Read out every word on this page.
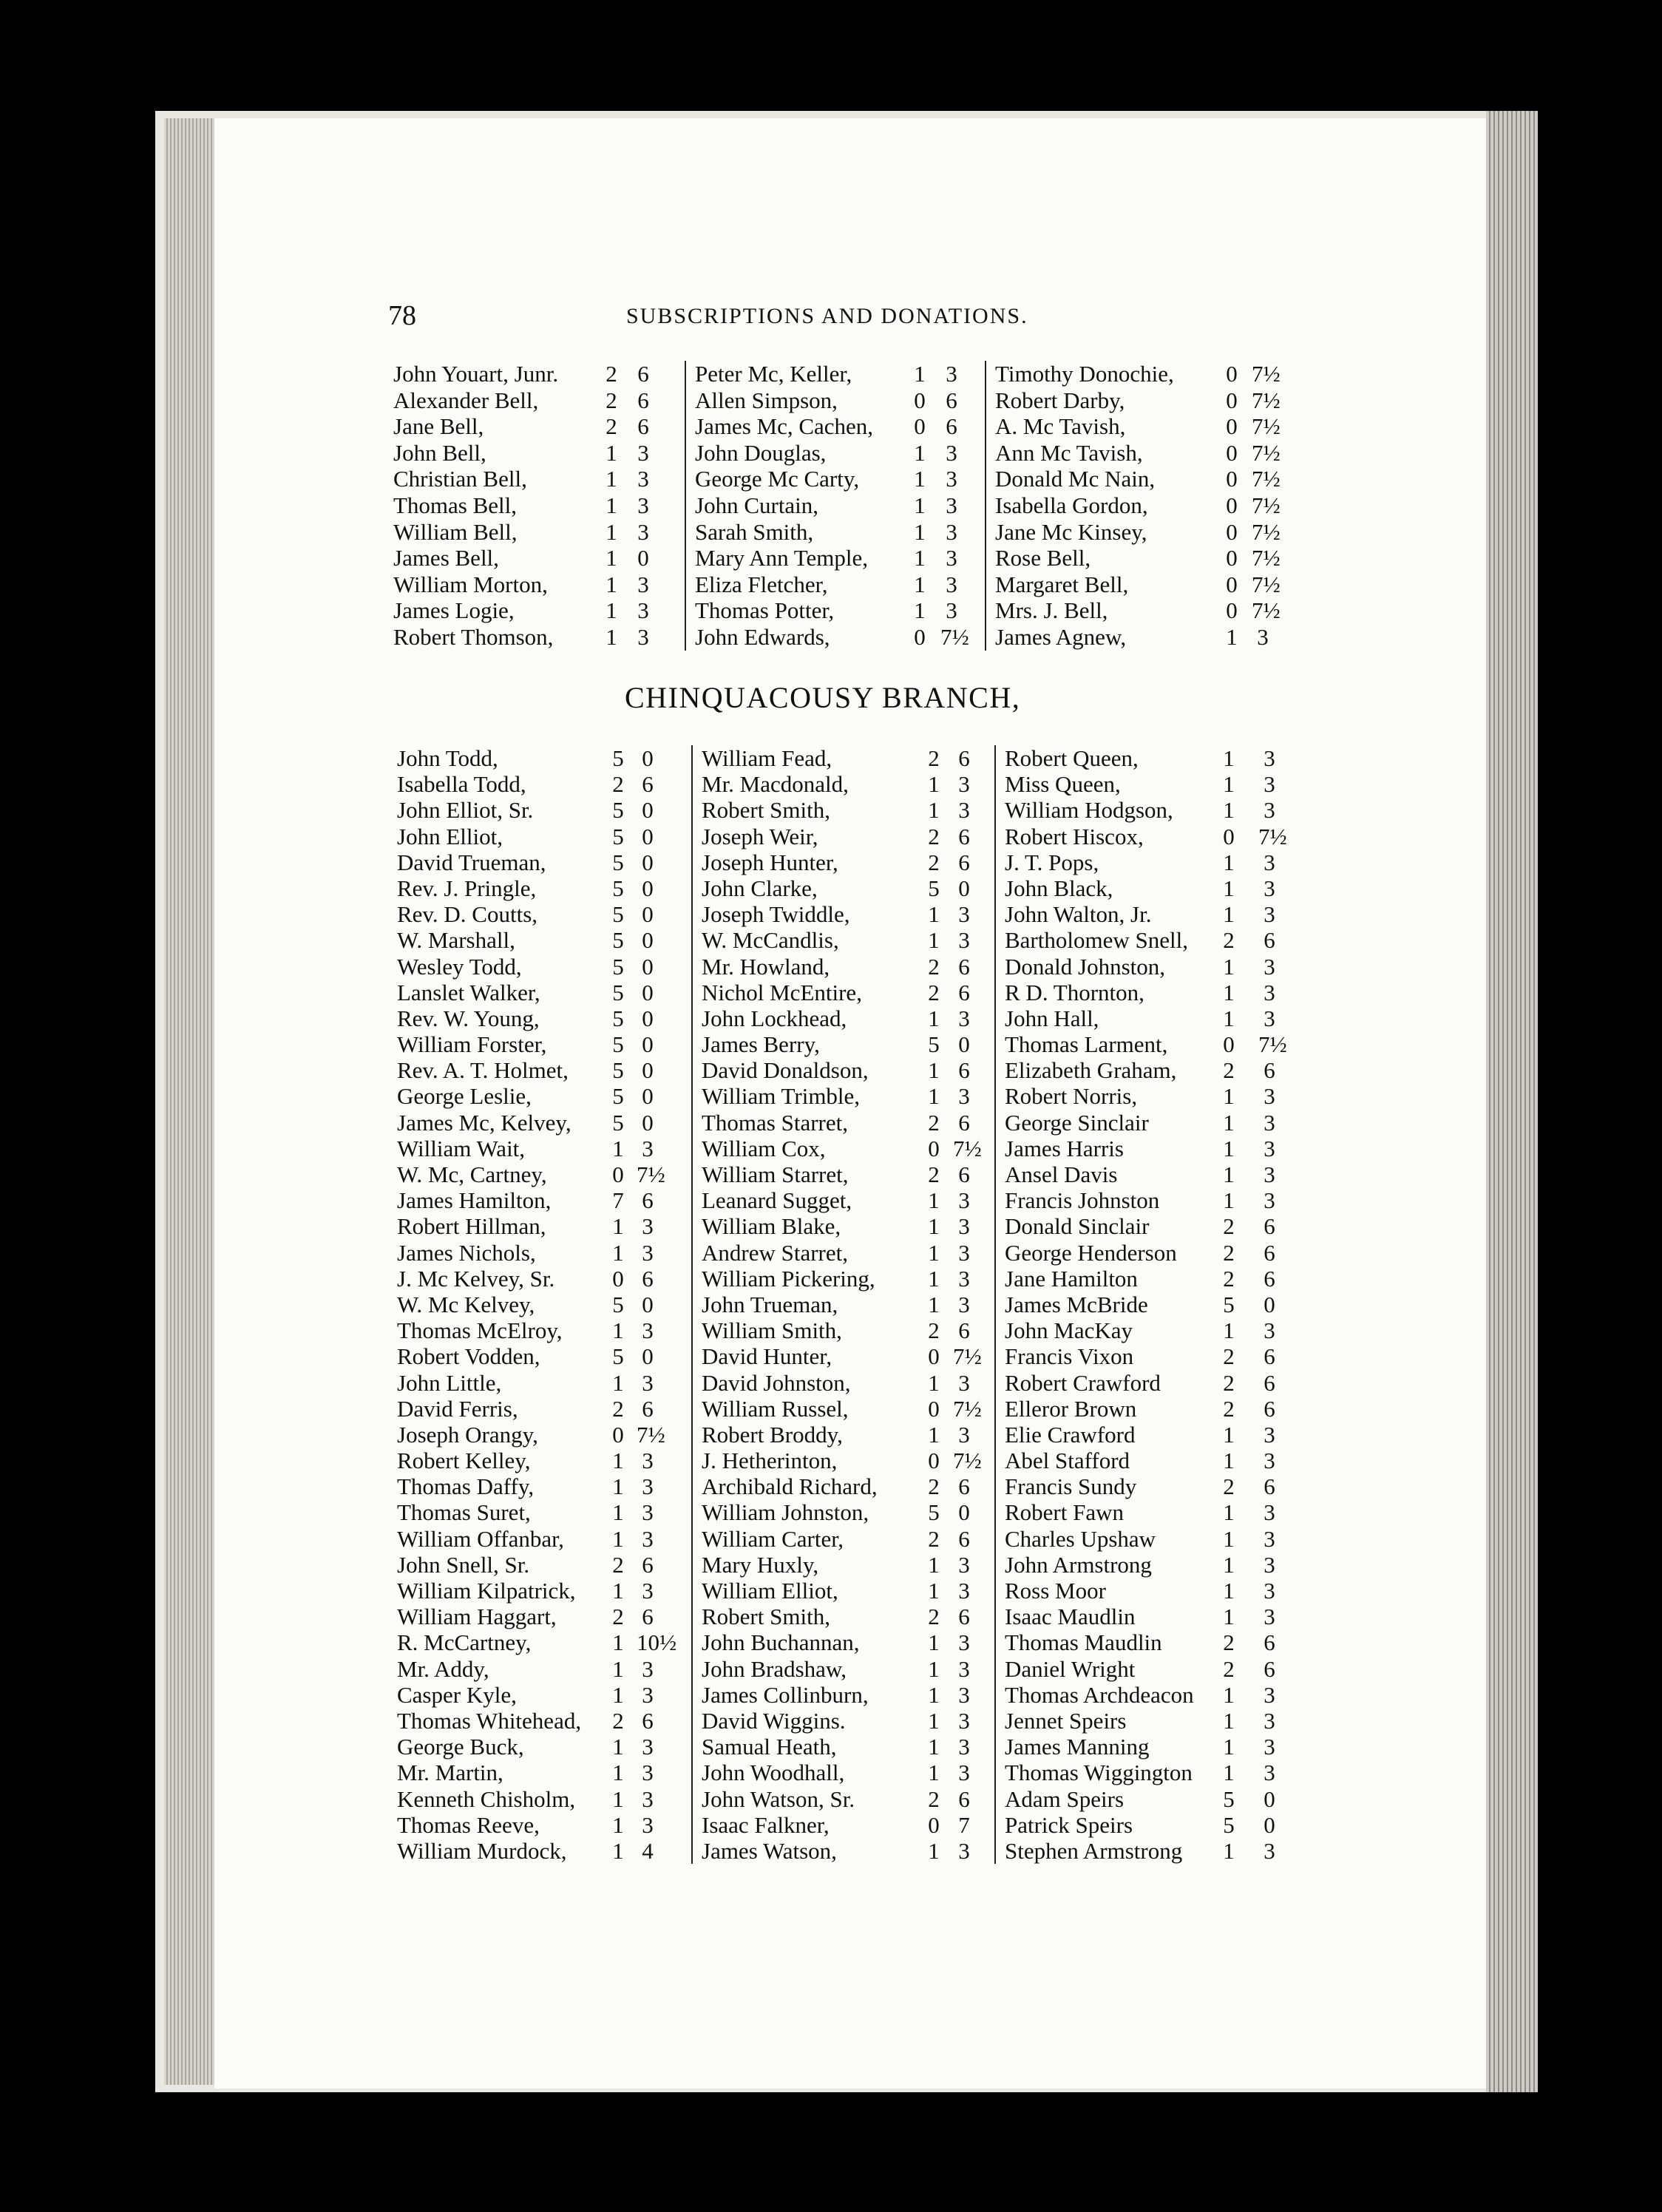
78	SUBSCRIPTIONS AND DONATIONS.
John Youart, Junr. 2 6
Alexander Bell,	2 6
Jane Bell,	2 6
John Bell,	1 3
Christian Bell,	1 3
Thomas Bell,	1 3
William Bell,	1 3
James Bell,	1 0
William Morton,	1 3
James Logie,	1 3
Robert Thomson, 1 3
Peter Mc, Keller,	1 3
Allen Simpson,	0 6
James Mc, Cachen, 0 6
John Douglas,	1 3
George Mc Carty, 1 3
John Curtain,	1 3
Sarah Smith,	1 3
Mary Ann Temple, 1 3
Eliza Fletcher,	1 3
Thomas Potter,	1 3
John Edwards,	0 7½
Timothy Donochie, 0 7½
Robert Darby,	0 7½
A. Mc Tavish,	0 7½
Ann Mc Tavish,	0 7½
Donald Mc Nain,	0 7½
Isabella Gordon,	0 7½
Jane Mc Kinsey,	0 7½
Rose Bell,	0 7½
Margaret Bell,	0 7½
Mrs. J. Bell,	0 7½
James Agnew,	1 3
CHINQUACOUSY BRANCH,
John Todd,	5 0
Isabella Todd,	2 6
John Elliot, Sr.	5 0
John Elliot,	5 0
David Trueman,	5 0
Rev. J. Pringle,	5 0
Rev. D. Coutts,	5 0
W. Marshall,	5 0
Wesley Todd,	5 0
Lanslet Walker,	5 0
Rev. W. Young,	5 0
William Forster,	5 0
Rev. A. T. Holmet, 5 0
George Leslie,	5 0
James Mc, Kelvey, 5 0
William Wait,	1 3
W. Mc, Cartney,	0 7½
James Hamilton,	7 6
Robert Hillman,	1 3
James Nichols,	1 3
J. Mc Kelvey, Sr.	0 6
W. Mc Kelvey,	5 0
Thomas McElroy, 1 3
Robert Vodden,	5 0
John Little,	1 3
David Ferris,	2 6
Joseph Orangy,	0 7½
Robert Kelley,	1 3
Thomas Daffy,	1 3
Thomas Suret,	1 3
William Offanbar, 1 3
John Snell, Sr.	2 6
William Kilpatrick, 1 3
William Haggart, 2 6
R. McCartney,	1 10½
Mr. Addy,	1 3
Casper Kyle,	1 3
Thomas Whitehead, 2 6
George Buck,	1 3
Mr. Martin,	1 3
Kenneth Chisholm, 1 3
Thomas Reeve,	1 3
William Murdock, 1 4
William Fead,	2 6
Mr. Macdonald,	1 3
Robert Smith,	1 3
Joseph Weir,	2 6
Joseph Hunter,	2 6
John Clarke,	5 0
Joseph Twiddle,	1 3
W. McCandlis,	1 3
Mr. Howland,	2 6
Nichol McEntire,	2 6
John Lockhead,	1 3
James Berry,	5 0
David Donaldson,	1 6
William Trimble,	1 3
Thomas Starret,	2 6
William Cox,	0 7½
William Starret,	2 6
Leanard Sugget,	1 3
William Blake,	1 3
Andrew Starret,	1 3
William Pickering, 1 3
John Trueman,	1 3
William Smith,	2 6
David Hunter,	0 7½
David Johnston,	1 3
William Russel,	0 7½
Robert Broddy,	1 3
J. Hetherinton,	0 7½
Archibald Richard, 2 6
William Johnston,	5 0
William Carter,	2 6
Mary Huxly,	1 3
William Elliot,	1 3
Robert Smith,	2 6
John Buchannan,	1 3
John Bradshaw,	1 3
James Collinburn,	1 3
David Wiggins.	1 3
Samual Heath,	1 3
John Woodhall,	1 3
John Watson, Sr.	2 6
Isaac Falkner,	0 7
James Watson,	1 3
Robert Queen,	1 3
Miss Queen,	1 3
William Hodgson, 1 3
Robert Hiscox,	0 7½
J. T. Pops,	1 3
John Black,	1 3
John Walton, Jr.	1 3
Bartholomew Snell, 2 6
Donald Johnston,	1 3
R D. Thornton,	1 3
John Hall,	1 3
Thomas Larment, 0 7½
Elizabeth Graham, 2 6
Robert Norris,	1 3
George Sinclair	1 3
James Harris	1 3
Ansel Davis	1 3
Francis Johnston	1 3
Donald Sinclair	2 6
George Henderson 2 6
Jane Hamilton	2 6
James McBride	5 0
John MacKay	1 3
Francis Vixon	2 6
Robert Crawford	2 6
Elleror Brown	2 6
Elie Crawford	1 3
Abel Stafford	1 3
Francis Sundy	2 6
Robert Fawn	1 3
Charles Upshaw	1 3
John Armstrong	1 3
Ross Moor	1 3
Isaac Maudlin	1 3
Thomas Maudlin	2 6
Daniel Wright	2 6
Thomas Archdeacon 1 3
Jennet Speirs	1 3
James Manning	1 3
Thomas Wiggington 1 3
Adam Speirs	5 0
Patrick Speirs	5 0
Stephen Armstrong 1 3
